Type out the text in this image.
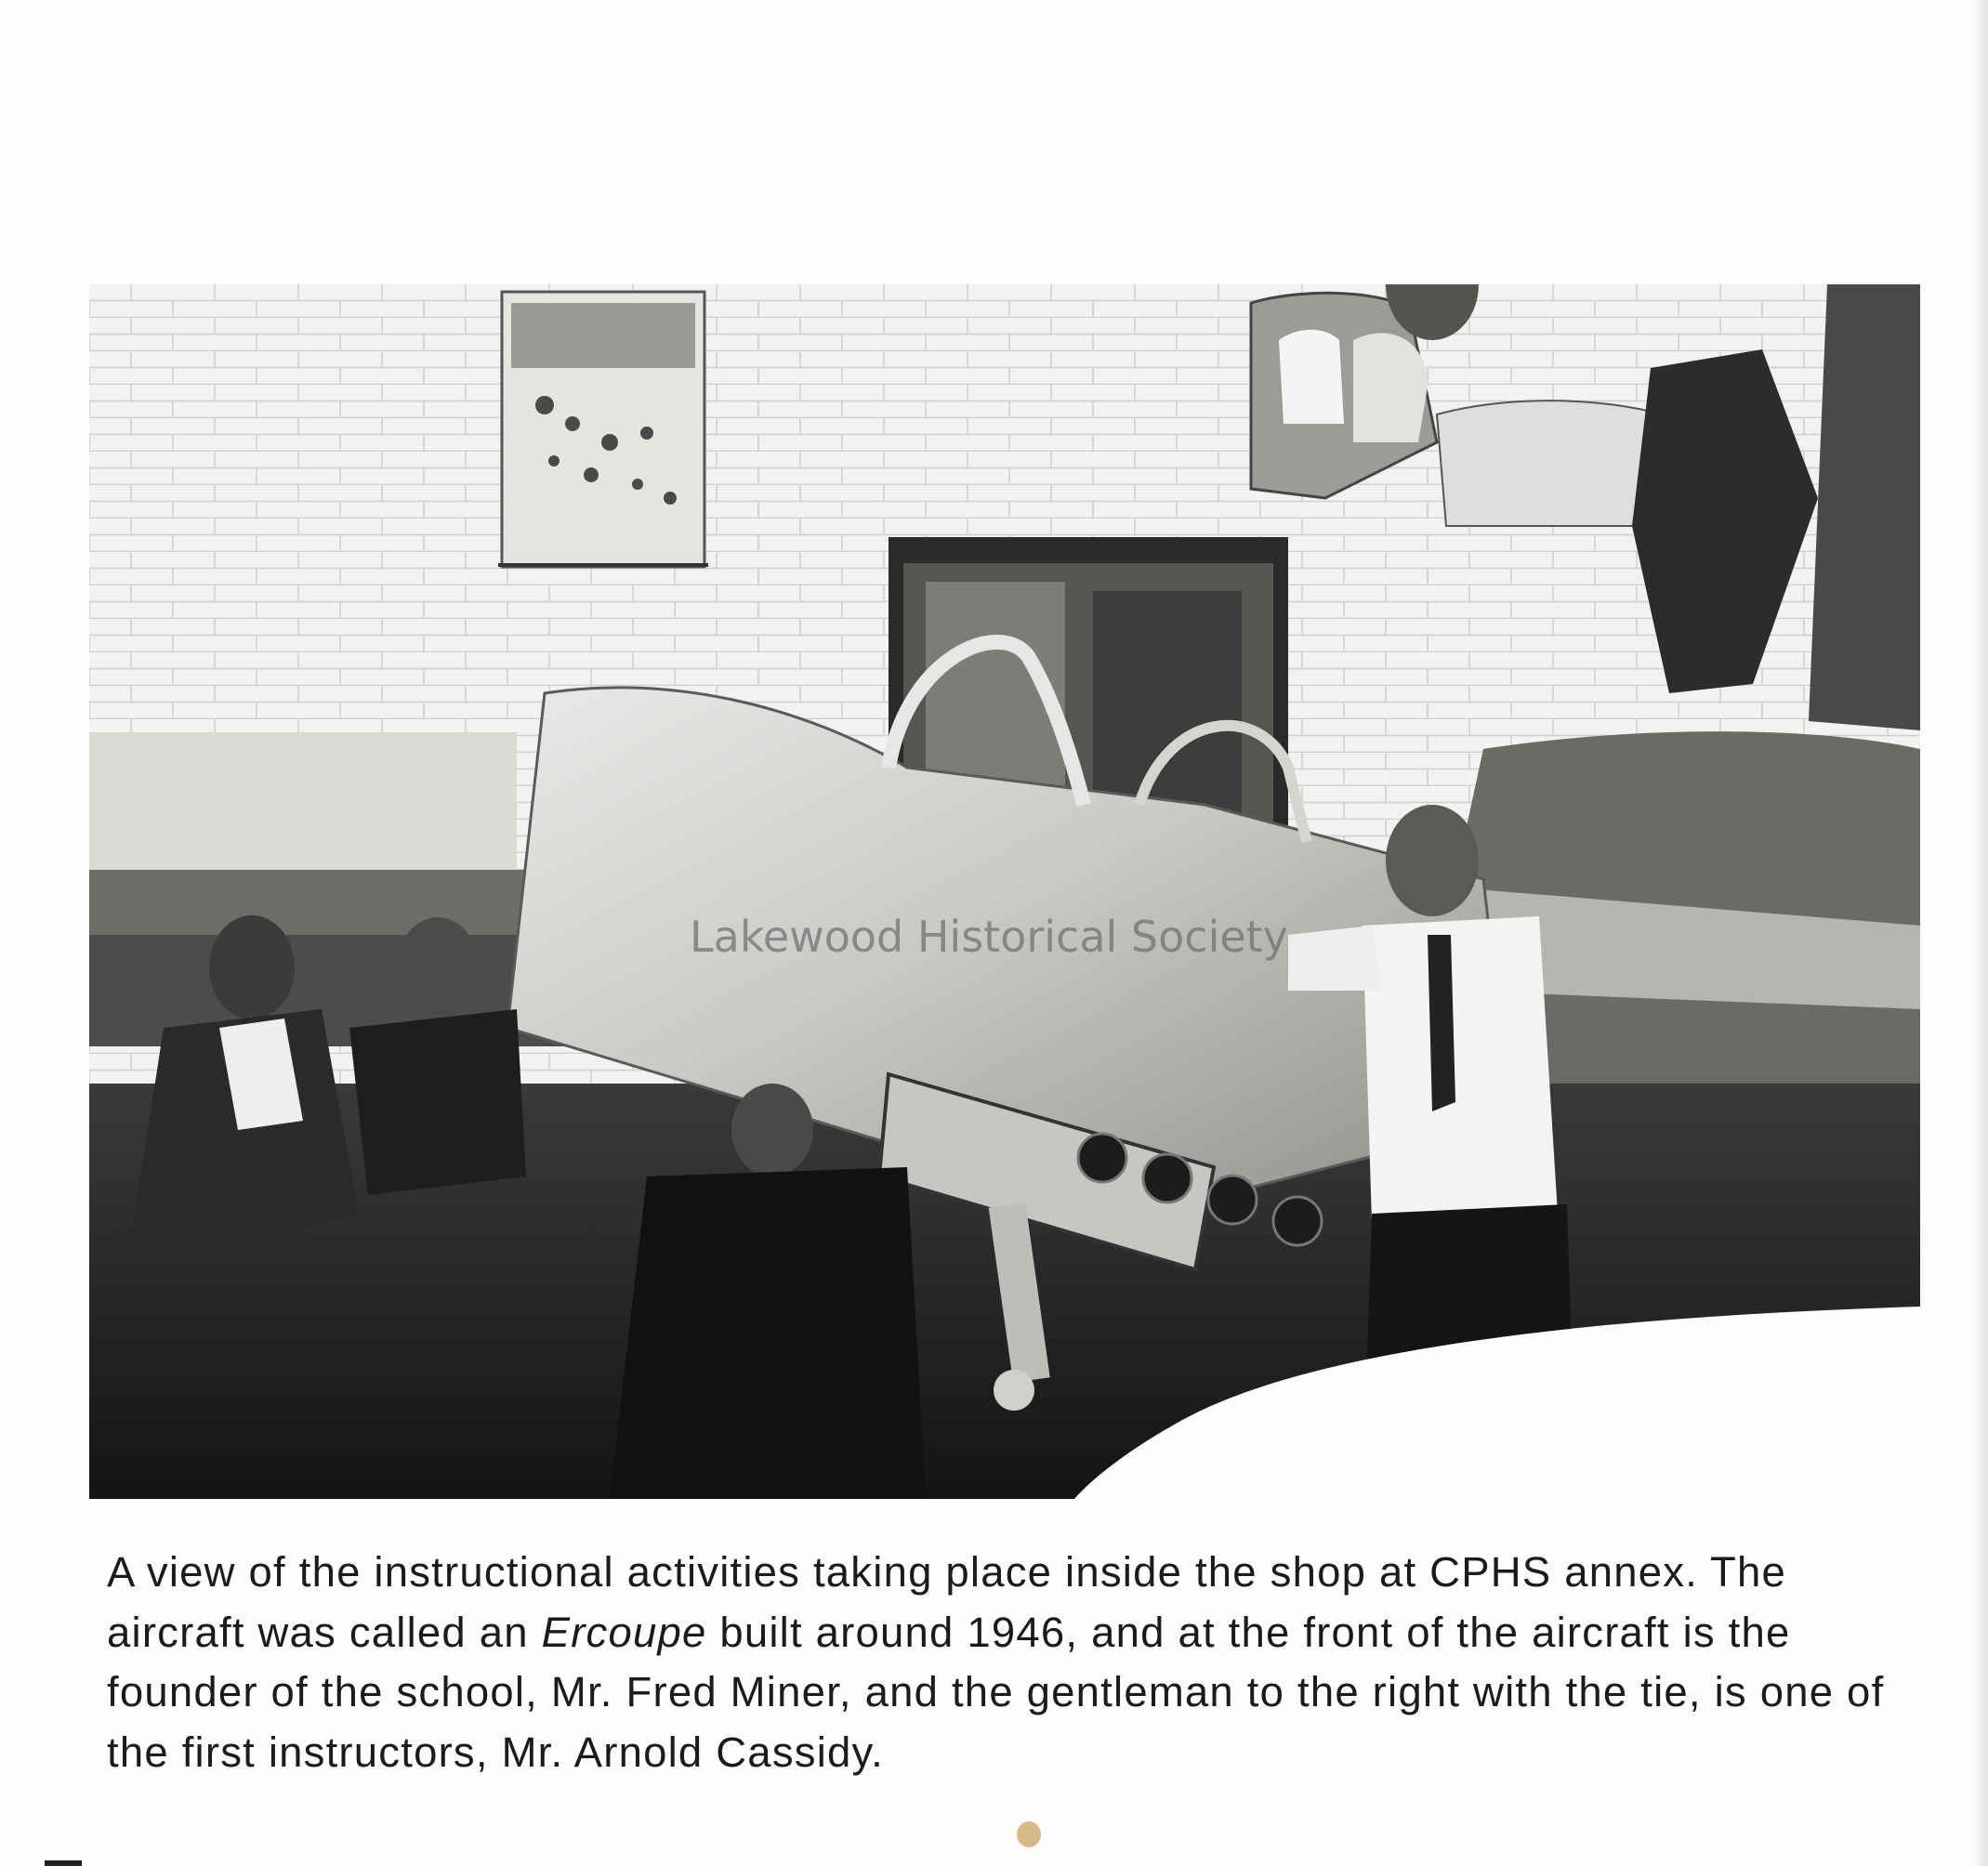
Lakewood Historical Society

A view of the instructional activities taking place inside the shop at CPHS annex. The aircraft was called an Ercoupe built around 1946, and at the front of the aircraft is the founder of the school, Mr. Fred Miner, and the gentleman to the right with the tie, is one of the first instructors, Mr. Arnold Cassidy.
